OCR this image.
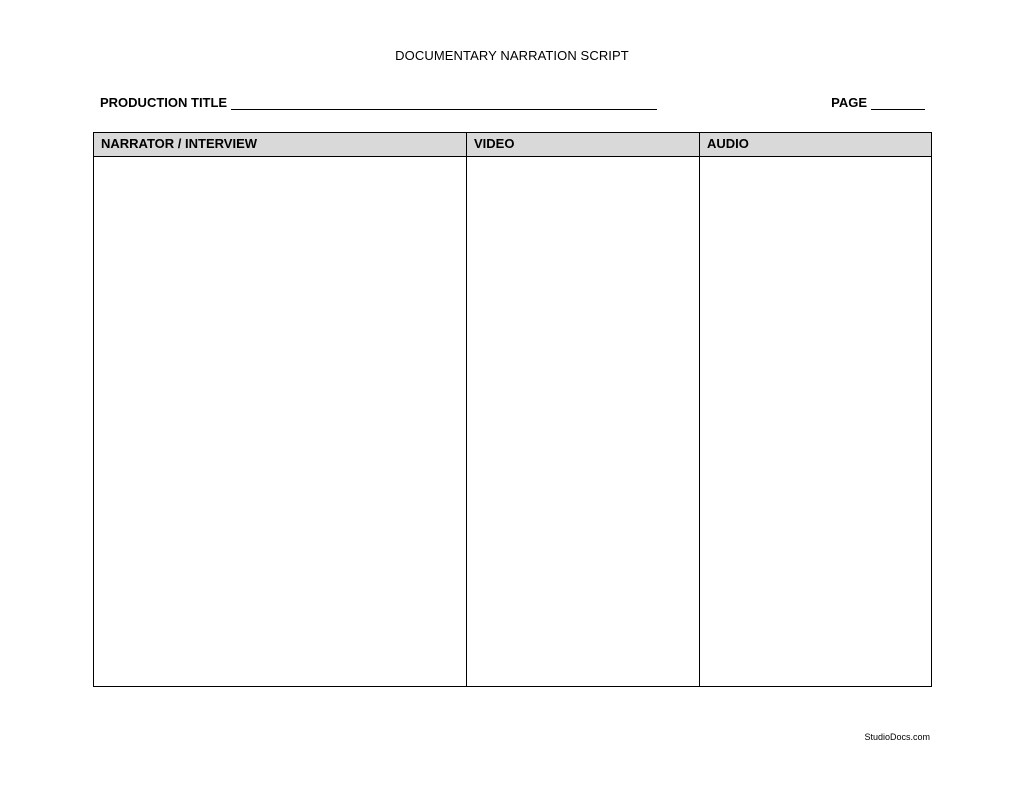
DOCUMENTARY NARRATION SCRIPT
PRODUCTION TITLE	PAGE
NARRATOR / INTERVIEW	VIDEO	AUDIO
StudioDocs.com
